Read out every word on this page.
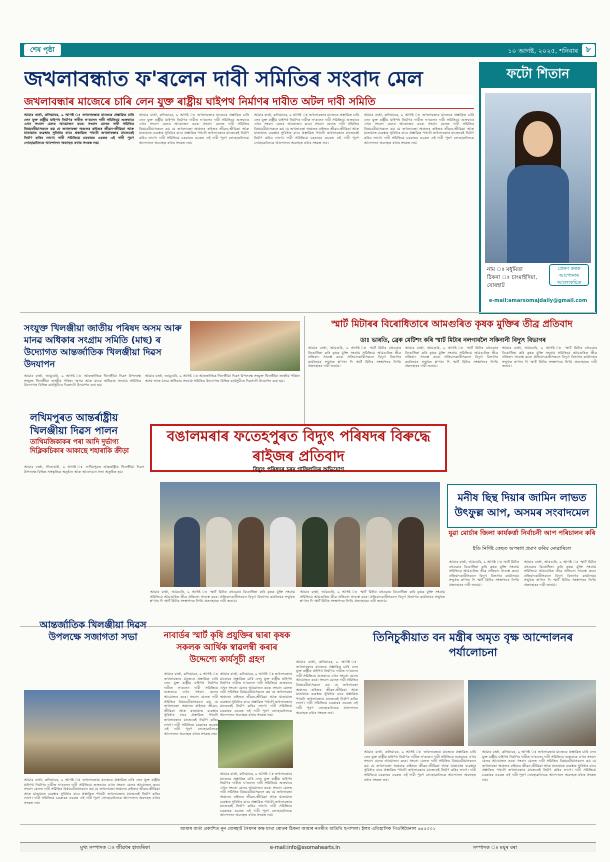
শেষ পৃষ্ঠা	১০ আগষ্ট, ২০২৫, শনিবাৰ ৮
জখলাবন্ধাত ফ'ৰলেন দাবী সমিতিৰ সংবাদ মেল
জখলাবন্ধাৰ মাজেৰে চাৰি লেন যুক্ত ৰাষ্ট্ৰীয় ঘাইপথ নিৰ্মাণৰ দাবীত অটল দাবী সমিতি
আমাৰ বাৰ্তা, কলিয়াবৰ, ৯ আগষ্ট ঃ জখলাবন্ধাৰ মাজেৰে প্ৰস্তাৱিত চাৰি লেন যুক্ত ৰাষ্ট্ৰীয় ঘাইপথ নিৰ্মাণৰ দাবীত ফ'ৰলেন দাবী সমিতিয়ে শুক্ৰবাৰে এখন সংবাদ মেলৰ আয়োজন কৰে। সংবাদ মেলত দাবী সমিতিৰ বিষয়ববীয়াসকলে কয় যে জখলাবন্ধা অঞ্চলৰ ৰাইজৰ জীৱন-জীৱিকা আৰু যাতায়াত ব্যৱস্থাৰ সুবিধাৰ বাবে প্ৰস্তাৱিত পথটো জখলাবন্ধাৰ মাজেৰেই নিৰ্মাণ কৰিব লাগে। দাবী সমিতিয়ে চৰকাৰৰ ওচৰত এই দাবী পূৰণ নোহোৱালৈকে আন্দোলন অব্যাহত ৰখাৰ সংকল্প লয়।
আমাৰ বাৰ্তা, কলিয়াবৰ, ৯ আগষ্ট ঃ জখলাবন্ধাৰ মাজেৰে প্ৰস্তাৱিত চাৰি লেন যুক্ত ৰাষ্ট্ৰীয় ঘাইপথ নিৰ্মাণৰ দাবীত ফ'ৰলেন দাবী সমিতিয়ে শুক্ৰবাৰে এখন সংবাদ মেলৰ আয়োজন কৰে। সংবাদ মেলত দাবী সমিতিৰ বিষয়ববীয়াসকলে কয় যে জখলাবন্ধা অঞ্চলৰ ৰাইজৰ জীৱন-জীৱিকা আৰু যাতায়াত ব্যৱস্থাৰ সুবিধাৰ বাবে প্ৰস্তাৱিত পথটো জখলাবন্ধাৰ মাজেৰেই নিৰ্মাণ কৰিব লাগে। দাবী সমিতিয়ে চৰকাৰৰ ওচৰত এই দাবী পূৰণ নোহোৱালৈকে আন্দোলন অব্যাহত ৰখাৰ সংকল্প লয়।
আমাৰ বাৰ্তা, কলিয়াবৰ, ৯ আগষ্ট ঃ জখলাবন্ধাৰ মাজেৰে প্ৰস্তাৱিত চাৰি লেন যুক্ত ৰাষ্ট্ৰীয় ঘাইপথ নিৰ্মাণৰ দাবীত ফ'ৰলেন দাবী সমিতিয়ে শুক্ৰবাৰে এখন সংবাদ মেলৰ আয়োজন কৰে। সংবাদ মেলত দাবী সমিতিৰ বিষয়ববীয়াসকলে কয় যে জখলাবন্ধা অঞ্চলৰ ৰাইজৰ জীৱন-জীৱিকা আৰু যাতায়াত ব্যৱস্থাৰ সুবিধাৰ বাবে প্ৰস্তাৱিত পথটো জখলাবন্ধাৰ মাজেৰেই নিৰ্মাণ কৰিব লাগে। দাবী সমিতিয়ে চৰকাৰৰ ওচৰত এই দাবী পূৰণ নোহোৱালৈকে আন্দোলন অব্যাহত ৰখাৰ সংকল্প লয়।
আমাৰ বাৰ্তা, কলিয়াবৰ, ৯ আগষ্ট ঃ জখলাবন্ধাৰ মাজেৰে প্ৰস্তাৱিত চাৰি লেন যুক্ত ৰাষ্ট্ৰীয় ঘাইপথ নিৰ্মাণৰ দাবীত ফ'ৰলেন দাবী সমিতিয়ে শুক্ৰবাৰে এখন সংবাদ মেলৰ আয়োজন কৰে। সংবাদ মেলত দাবী সমিতিৰ বিষয়ববীয়াসকলে কয় যে জখলাবন্ধা অঞ্চলৰ ৰাইজৰ জীৱন-জীৱিকা আৰু যাতায়াত ব্যৱস্থাৰ সুবিধাৰ বাবে প্ৰস্তাৱিত পথটো জখলাবন্ধাৰ মাজেৰেই নিৰ্মাণ কৰিব লাগে। দাবী সমিতিয়ে চৰকাৰৰ ওচৰত এই দাবী পূৰণ নোহোৱালৈকে আন্দোলন অব্যাহত ৰখাৰ সংকল্প লয়।
ফটো শিতান
নাম ঃ মধুমিতা
ঠিকনা ঃ চাংমাইদিয়া, যোৰহাট
প্ৰেৰণ কৰক আপোনাৰ আলোকচিত্ৰ
e-mail:amarsomajdaily@gmail.com
সংযুক্ত খিলঞ্জীয়া জাতীয় পৰিষদ অসম আৰু মানৱ অধিকাৰ সংগ্ৰাম সমিতি (মাছ) ৰ উদ্যোগত আন্তৰ্জাতিক খিলঞ্জীয়া দিৱস উদযাপন
আমাৰ বাৰ্তা, জামুগুৰি, ৯ আগষ্ট ঃ আন্তৰ্জাতিক খিলঞ্জীয়া দিৱস উপলক্ষে সংযুক্ত খিলঞ্জীয়া জাতীয় পৰিষদ অসম আৰু মানৱ অধিকাৰ সংগ্ৰাম সমিতিৰ উদ্যোগত বিভিন্ন কাৰ্যসূচীৰে দিৱসটো উদযাপন কৰা হয়।
আমাৰ বাৰ্তা, জামুগুৰি, ৯ আগষ্ট ঃ আন্তৰ্জাতিক খিলঞ্জীয়া দিৱস উপলক্ষে সংযুক্ত খিলঞ্জীয়া জাতীয় পৰিষদ অসম আৰু মানৱ অধিকাৰ সংগ্ৰাম সমিতিৰ উদ্যোগত বিভিন্ন কাৰ্যসূচীৰে দিৱসটো উদযাপন কৰা হয়।
লখিমপুৰত আন্তৰ্ৰাষ্ট্ৰীয় খিলঞ্জীয়া দিৱস পালন
তাখিমজিকাকৰ পৰা আদি দুৰ্ভাগ্য দিক্লিকচিকাৰ আকাছে শহাৰাকি ক্ৰীড়া
আমাৰ বাৰ্তা, লীলাবাৰী, ৯ আগষ্ট ঃ লখিমপুৰত আন্তৰ্ৰাষ্ট্ৰীয় খিলঞ্জীয়া দিৱস উপলক্ষে বিভিন্ন সাংস্কৃতিক অনুষ্ঠান আৰু আলোচনা সভা অনুষ্ঠিত হয়।
স্মাৰ্ট মিটাৰৰ বিৰোধিতাৰে আমগুৰিত কৃষক মুক্তিৰ তীব্ৰ প্ৰতিবাদ
ডাঃ ভাৰতি, ব্ৰেক মেটিশং কৰি স্মাৰ্ট মিটাৰ নলগাবলৈ সকিনানী বিদ্যুৎ বিভাগৰ
আমাৰ বাৰ্তা, আমগুৰি, ৯ আগষ্ট ঃ স্মাৰ্ট মিটাৰ বহুওৱাৰ বিৰোধিতা কৰি কৃষক মুক্তি সংগ্ৰাম সমিতিয়ে আমগুৰিত তীব্ৰ প্ৰতিবাদ সাব্যস্ত কৰে। প্ৰতিবাদকাৰীসকলে বিদ্যুৎ বিভাগৰ কাৰ্যালয়ৰ সন্মুখত শ্ল'গান দি স্মাৰ্ট মিটাৰ সংস্থাপনৰ নিৰ্ণয় প্ৰত্যাহাৰৰ দাবী জনায়।
আমাৰ বাৰ্তা, আমগুৰি, ৯ আগষ্ট ঃ স্মাৰ্ট মিটাৰ বহুওৱাৰ বিৰোধিতা কৰি কৃষক মুক্তি সংগ্ৰাম সমিতিয়ে আমগুৰিত তীব্ৰ প্ৰতিবাদ সাব্যস্ত কৰে। প্ৰতিবাদকাৰীসকলে বিদ্যুৎ বিভাগৰ কাৰ্যালয়ৰ সন্মুখত শ্ল'গান দি স্মাৰ্ট মিটাৰ সংস্থাপনৰ নিৰ্ণয় প্ৰত্যাহাৰৰ দাবী জনায়।
আমাৰ বাৰ্তা, আমগুৰি, ৯ আগষ্ট ঃ স্মাৰ্ট মিটাৰ বহুওৱাৰ বিৰোধিতা কৰি কৃষক মুক্তি সংগ্ৰাম সমিতিয়ে আমগুৰিত তীব্ৰ প্ৰতিবাদ সাব্যস্ত কৰে। প্ৰতিবাদকাৰীসকলে বিদ্যুৎ বিভাগৰ কাৰ্যালয়ৰ সন্মুখত শ্ল'গান দি স্মাৰ্ট মিটাৰ সংস্থাপনৰ নিৰ্ণয় প্ৰত্যাহাৰৰ দাবী জনায়।
বঙালমৰাৰ ফতেহপুৰত বিদ্যুৎ পৰিষদৰ বিৰুদ্ধে ৰাইজৰ প্ৰতিবাদ
বিদ্যুৎ পৰিষদৰ চৰম গাফিলতিৰ অভিযোগ
আমাৰ বাৰ্তা, আমগুৰি, ৯ আগষ্ট ঃ স্মাৰ্ট মিটাৰ বহুওৱাৰ বিৰোধিতা কৰি কৃষক মুক্তি সংগ্ৰাম সমিতিয়ে আমগুৰিত তীব্ৰ প্ৰতিবাদ সাব্যস্ত কৰে। প্ৰতিবাদকাৰীসকলে বিদ্যুৎ বিভাগৰ কাৰ্যালয়ৰ সন্মুখত শ্ল'গান দি স্মাৰ্ট মিটাৰ সংস্থাপনৰ নিৰ্ণয় প্ৰত্যাহাৰৰ দাবী জনায়।
আমাৰ বাৰ্তা, আমগুৰি, ৯ আগষ্ট ঃ স্মাৰ্ট মিটাৰ বহুওৱাৰ বিৰোধিতা কৰি কৃষক মুক্তি সংগ্ৰাম সমিতিয়ে আমগুৰিত তীব্ৰ প্ৰতিবাদ সাব্যস্ত কৰে। প্ৰতিবাদকাৰীসকলে বিদ্যুৎ বিভাগৰ কাৰ্যালয়ৰ সন্মুখত শ্ল'গান দি স্মাৰ্ট মিটাৰ সংস্থাপনৰ নিৰ্ণয় প্ৰত্যাহাৰৰ দাবী জনায়।
মনীষ ছিন্থ দিয়াৰ জামিন লাভত উৎফুল্ল আপ, অসমৰ সংবাদমেল
যুৱা মোৰ্চাৰ জিলা কাৰ্যকৰ্ত্তা নিৰ্বাচনী আপ পৰিচালন কৰি
ইডি নিৰ্দিষ্ট কেছত অপৰাধ প্ৰমাণ কৰিব নোৱাৰিলে
আমাৰ বাৰ্তা, আমগুৰি, ৯ আগষ্ট ঃ স্মাৰ্ট মিটাৰ বহুওৱাৰ বিৰোধিতা কৰি কৃষক মুক্তি সংগ্ৰাম সমিতিয়ে আমগুৰিত তীব্ৰ প্ৰতিবাদ সাব্যস্ত কৰে। প্ৰতিবাদকাৰীসকলে বিদ্যুৎ বিভাগৰ কাৰ্যালয়ৰ সন্মুখত শ্ল'গান দি স্মাৰ্ট মিটাৰ সংস্থাপনৰ নিৰ্ণয় প্ৰত্যাহাৰৰ দাবী জনায়।
আমাৰ বাৰ্তা, আমগুৰি, ৯ আগষ্ট ঃ স্মাৰ্ট মিটাৰ বহুওৱাৰ বিৰোধিতা কৰি কৃষক মুক্তি সংগ্ৰাম সমিতিয়ে আমগুৰিত তীব্ৰ প্ৰতিবাদ সাব্যস্ত কৰে। প্ৰতিবাদকাৰীসকলে বিদ্যুৎ বিভাগৰ কাৰ্যালয়ৰ সন্মুখত শ্ল'গান দি স্মাৰ্ট মিটাৰ সংস্থাপনৰ নিৰ্ণয় প্ৰত্যাহাৰৰ দাবী জনায়।
আন্তৰ্জাতিক খিলঞ্জীয়া দিৱস উপলক্ষে সজাগতা সভা
আমাৰ বাৰ্তা, কলিয়াবৰ, ৯ আগষ্ট ঃ জখলাবন্ধাৰ মাজেৰে প্ৰস্তাৱিত চাৰি লেন যুক্ত ৰাষ্ট্ৰীয় ঘাইপথ নিৰ্মাণৰ দাবীত ফ'ৰলেন দাবী সমিতিয়ে শুক্ৰবাৰে এখন সংবাদ মেলৰ আয়োজন কৰে। সংবাদ মেলত দাবী সমিতিৰ বিষয়ববীয়াসকলে কয় যে জখলাবন্ধা অঞ্চলৰ ৰাইজৰ জীৱন-জীৱিকা আৰু যাতায়াত ব্যৱস্থাৰ সুবিধাৰ বাবে প্ৰস্তাৱিত পথটো জখলাবন্ধাৰ মাজেৰেই নিৰ্মাণ কৰিব লাগে। দাবী সমিতিয়ে চৰকাৰৰ ওচৰত এই দাবী পূৰণ নোহোৱালৈকে আন্দোলন অব্যাহত ৰখাৰ সংকল্প লয়।
নাবাৰ্ডৰ স্মাৰ্ট কৃষি প্ৰযুক্তিৰ দ্বাৰা কৃষক সকলক আৰ্থিক স্বাৱলম্বী কৰাৰ উদ্দেশ্যে কাৰ্যসূচী গ্ৰহণ
আমাৰ বাৰ্তা, কলিয়াবৰ, ৯ আগষ্ট ঃ জখলাবন্ধাৰ মাজেৰে প্ৰস্তাৱিত চাৰি লেন যুক্ত ৰাষ্ট্ৰীয় ঘাইপথ নিৰ্মাণৰ দাবীত ফ'ৰলেন দাবী সমিতিয়ে শুক্ৰবাৰে এখন সংবাদ মেলৰ আয়োজন কৰে। সংবাদ মেলত দাবী সমিতিৰ বিষয়ববীয়াসকলে কয় যে জখলাবন্ধা অঞ্চলৰ ৰাইজৰ জীৱন-জীৱিকা আৰু যাতায়াত ব্যৱস্থাৰ সুবিধাৰ বাবে প্ৰস্তাৱিত পথটো জখলাবন্ধাৰ মাজেৰেই নিৰ্মাণ কৰিব লাগে। দাবী সমিতিয়ে চৰকাৰৰ ওচৰত এই দাবী পূৰণ নোহোৱালৈকে আন্দোলন অব্যাহত ৰখাৰ সংকল্প লয়।
আমাৰ বাৰ্তা, কলিয়াবৰ, ৯ আগষ্ট ঃ জখলাবন্ধাৰ মাজেৰে প্ৰস্তাৱিত চাৰি লেন যুক্ত ৰাষ্ট্ৰীয় ঘাইপথ নিৰ্মাণৰ দাবীত ফ'ৰলেন দাবী সমিতিয়ে শুক্ৰবাৰে এখন সংবাদ মেলৰ আয়োজন কৰে। সংবাদ মেলত দাবী সমিতিৰ বিষয়ববীয়াসকলে কয় যে জখলাবন্ধা অঞ্চলৰ ৰাইজৰ জীৱন-জীৱিকা আৰু যাতায়াত ব্যৱস্থাৰ সুবিধাৰ বাবে প্ৰস্তাৱিত পথটো জখলাবন্ধাৰ মাজেৰেই নিৰ্মাণ কৰিব লাগে। দাবী সমিতিয়ে চৰকাৰৰ ওচৰত এই দাবী পূৰণ নোহোৱালৈকে আন্দোলন অব্যাহত ৰখাৰ সংকল্প লয়।
আমাৰ বাৰ্তা, কলিয়াবৰ, ৯ আগষ্ট ঃ জখলাবন্ধাৰ মাজেৰে প্ৰস্তাৱিত চাৰি লেন যুক্ত ৰাষ্ট্ৰীয় ঘাইপথ নিৰ্মাণৰ দাবীত ফ'ৰলেন দাবী সমিতিয়ে শুক্ৰবাৰে এখন সংবাদ মেলৰ আয়োজন কৰে। সংবাদ মেলত দাবী সমিতিৰ বিষয়ববীয়াসকলে কয় যে জখলাবন্ধা অঞ্চলৰ ৰাইজৰ জীৱন-জীৱিকা আৰু যাতায়াত ব্যৱস্থাৰ সুবিধাৰ বাবে প্ৰস্তাৱিত পথটো জখলাবন্ধাৰ মাজেৰেই নিৰ্মাণ কৰিব লাগে। দাবী সমিতিয়ে চৰকাৰৰ ওচৰত এই দাবী পূৰণ নোহোৱালৈকে আন্দোলন অব্যাহত ৰখাৰ সংকল্প লয়।
আমাৰ বাৰ্তা, কলিয়াবৰ, ৯ আগষ্ট ঃ জখলাবন্ধাৰ মাজেৰে প্ৰস্তাৱিত চাৰি লেন যুক্ত ৰাষ্ট্ৰীয় ঘাইপথ নিৰ্মাণৰ দাবীত ফ'ৰলেন দাবী সমিতিয়ে শুক্ৰবাৰে এখন সংবাদ মেলৰ আয়োজন কৰে। সংবাদ মেলত দাবী সমিতিৰ বিষয়ববীয়াসকলে কয় যে জখলাবন্ধা অঞ্চলৰ ৰাইজৰ জীৱন-জীৱিকা আৰু যাতায়াত ব্যৱস্থাৰ সুবিধাৰ বাবে প্ৰস্তাৱিত পথটো জখলাবন্ধাৰ মাজেৰেই নিৰ্মাণ কৰিব লাগে। দাবী সমিতিয়ে চৰকাৰৰ ওচৰত এই দাবী পূৰণ নোহোৱালৈকে আন্দোলন অব্যাহত ৰখাৰ সংকল্প লয়।
তিনিচুকীয়াত বন মন্ত্ৰীৰ অমৃত বৃক্ষ আন্দোলনৰ পৰ্যালোচনা
আমাৰ বাৰ্তা, কলিয়াবৰ, ৯ আগষ্ট ঃ জখলাবন্ধাৰ মাজেৰে প্ৰস্তাৱিত চাৰি লেন যুক্ত ৰাষ্ট্ৰীয় ঘাইপথ নিৰ্মাণৰ দাবীত ফ'ৰলেন দাবী সমিতিয়ে শুক্ৰবাৰে এখন সংবাদ মেলৰ আয়োজন কৰে। সংবাদ মেলত দাবী সমিতিৰ বিষয়ববীয়াসকলে কয় যে জখলাবন্ধা অঞ্চলৰ ৰাইজৰ জীৱন-জীৱিকা আৰু যাতায়াত ব্যৱস্থাৰ সুবিধাৰ বাবে প্ৰস্তাৱিত পথটো জখলাবন্ধাৰ মাজেৰেই নিৰ্মাণ কৰিব লাগে। দাবী সমিতিয়ে চৰকাৰৰ ওচৰত এই দাবী পূৰণ নোহোৱালৈকে আন্দোলন অব্যাহত ৰখাৰ সংকল্প লয়।
আমাৰ বাৰ্তা, কলিয়াবৰ, ৯ আগষ্ট ঃ জখলাবন্ধাৰ মাজেৰে প্ৰস্তাৱিত চাৰি লেন যুক্ত ৰাষ্ট্ৰীয় ঘাইপথ নিৰ্মাণৰ দাবীত ফ'ৰলেন দাবী সমিতিয়ে শুক্ৰবাৰে এখন সংবাদ মেলৰ আয়োজন কৰে। সংবাদ মেলত দাবী সমিতিৰ বিষয়ববীয়াসকলে কয় যে জখলাবন্ধা অঞ্চলৰ ৰাইজৰ জীৱন-জীৱিকা আৰু যাতায়াত ব্যৱস্থাৰ সুবিধাৰ বাবে প্ৰস্তাৱিত পথটো জখলাবন্ধাৰ মাজেৰেই নিৰ্মাণ কৰিব লাগে। দাবী সমিতিয়ে চৰকাৰৰ ওচৰত এই দাবী পূৰণ নোহোৱালৈকে আন্দোলন অব্যাহত ৰখাৰ সংকল্প লয়।
আমাৰ বাৰ্তা প্ৰকাশিত নুন যোৰহাট সৈয়দৰ কক্ষ মাথা ৰোডৰ ঠিকনা আমাৰ নগৰীত অতিথি ছপাশাল। ইলম এতিহাসিক পিওৰিয়ৈনাল ৬৪৫০০১
মুখ্য সম্পাদক ঃ জীৱধৰ হাজৰিকা	e-mail:info@ssomahearts.in	সম্পাদক ঃ ময়ূৰ বৰা
